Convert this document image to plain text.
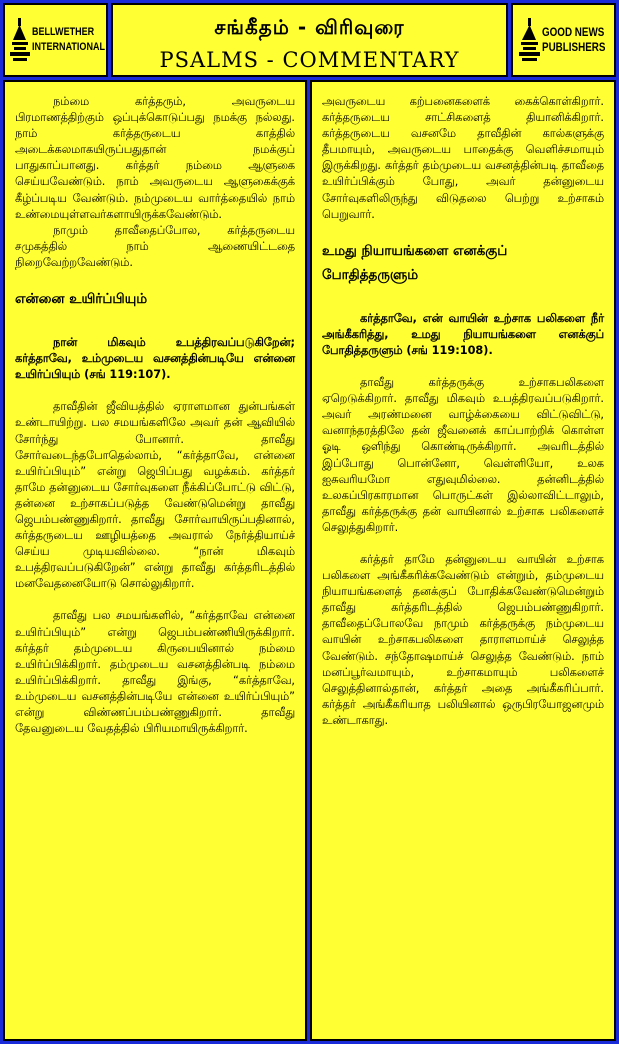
BELLWETHER
INTERNATIONAL
சங்கீதம் - விரிவுரை
PSALMS - COMMENTARY
GOOD NEWS
PUBLISHERS

நம்மை கர்த்தரும், அவருடைய பிரமாணத்திற்கும் ஒப்புக்கொடுப்பது நமக்கு நல்லது. நாம் கர்த்தருடைய காத்தில் அடைக்கலமாகயிருப்பதுதான் நமக்குப் பாதுகாப்பானது. கர்த்தர் நம்மை ஆளுகை செய்யவேண்டும். நாம் அவருடைய ஆளுகைக்குக் கீழ்ப்படிய வேண்டும். நம்முடைய வார்த்தையில் நாம் உண்மையுள்ளவர்களாயிருக்கவேண்டும்.

நாமும் தாவீதைப்போல, கர்த்தருடைய சமுகத்தில் நாம் ஆணையிட்டதை நிறைவேற்றவேண்டும்.

என்னை உயிர்ப்பியும்

நான் மிகவும் உபத்திரவப்படுகிறேன்; கர்த்தாவே, உம்முடைய வசனத்தின்படியே என்னை உயிர்ப்பியும் (சங் 119:107).

தாவீதின் ஜீவியத்தில் ஏராளமான துன்பங்கள் உண்டாயிற்று. பல சமயங்களிலே அவர் தன் ஆவியில் சோர்ந்து போனார். தாவீது சோர்வடைந்தபோதெல்லாம், “கர்த்தாவே, என்னை உயிர்ப்பியும்” என்று ஜெபிப்பது வழக்கம். கர்த்தர் தாமே தன்னுடைய சோர்வுகளை நீக்கிப்போட்டு விட்டு, தன்னை உற்சாகப்படுத்த வேண்டுமென்று தாவீது ஜெபம்பண்ணுகிறார். தாவீது சோர்வாயிருப்பதினால், கர்த்தருடைய ஊழியத்தை அவரால் நேர்த்தியாய்ச் செய்ய முடியவில்லை. “நான் மிகவும் உபத்திரவப்படுகிறேன்” என்று தாவீது கர்த்தரிடத்தில் மனவேதனையோடு சொல்லுகிறார்.

தாவீது பல சமயங்களில், “கர்த்தாவே என்னை உயிர்ப்பியும்” என்று ஜெபம்பண்ணியிருக்கிறார். கர்த்தர் தம்முடைய கிருபையினால் நம்மை உயிர்ப்பிக்கிறார். தம்முடைய வசனத்தின்படி நம்மை உயிர்ப்பிக்கிறார். தாவீது இங்கு, “கர்த்தாவே, உம்முடைய வசனத்தின்படியே என்னை உயிர்ப்பியும்” என்று விண்ணப்பம்பண்ணுகிறார். தாவீது தேவனுடைய வேதத்தில் பிரியமாயிருக்கிறார்.

அவருடைய கற்பனைகளைக் கைக்கொள்கிறார். கர்த்தருடைய சாட்சிகளைத் தியானிக்கிறார். கர்த்தருடைய வசனமே தாவீதின் கால்களுக்கு தீபமாயும், அவருடைய பாதைக்கு வெளிச்சமாயும் இருக்கிறது. கர்த்தர் தம்முடைய வசனத்தின்படி தாவீதை உயிர்ப்பிக்கும் போது, அவர் தன்னுடைய சோர்வுகளிலிருந்து விடுதலை பெற்று உற்சாகம் பெறுவார்.

உமது நியாயங்களை எனக்குப் போதித்தருளும்

கர்த்தாவே, என் வாயின் உற்சாக பலிகளை நீர் அங்கீகரித்து, உமது நியாயங்களை எனக்குப் போதித்தருளும் (சங் 119:108).

தாவீது கர்த்தருக்கு உற்சாகபலிகளை ஏறெடுக்கிறார். தாவீது மிகவும் உபத்திரவப்படுகிறார். அவர் அரண்மனை வாழ்க்கையை விட்டுவிட்டு, வனாந்தரத்திலே தன் ஜீவனைக் காப்பாற்றிக் கொள்ள ஓடி ஒளிந்து கொண்டிருக்கிறார். அவரிடத்தில் இப்போது பொன்னோ, வெள்ளியோ, உலக ஐசுவரியமோ எதுவுமில்லை. தன்னிடத்தில் உலகப்பிரகாரமான பொருட்கள் இல்லாவிட்டாலும், தாவீது கர்த்தருக்கு தன் வாயினால் உற்சாக பலிகளைச் செலுத்துகிறார்.

கர்த்தர் தாமே தன்னுடைய வாயின் உற்சாக பலிகளை அங்கீகரிக்கவேண்டும் என்றும், தம்முடைய நியாயங்களைத் தனக்குப் போதிக்கவேண்டுமென்றும் தாவீது கர்த்தரிடத்தில் ஜெபம்பண்ணுகிறார். தாவீதைப்போலவே நாமும் கர்த்தருக்கு நம்முடைய வாயின் உற்சாகபலிகளை தாராளமாய்ச் செலுத்த வேண்டும். சந்தோஷமாய்ச் செலுத்த வேண்டும். நாம் மனப்பூர்வமாயும், உற்சாகமாயும் பலிகளைச் செலுத்தினால்தான், கர்த்தர் அதை அங்கீகரிப்பார். கர்த்தர் அங்கீகரியாத பலியினால் ஒருபிரயோஜனமும் உண்டாகாது.
